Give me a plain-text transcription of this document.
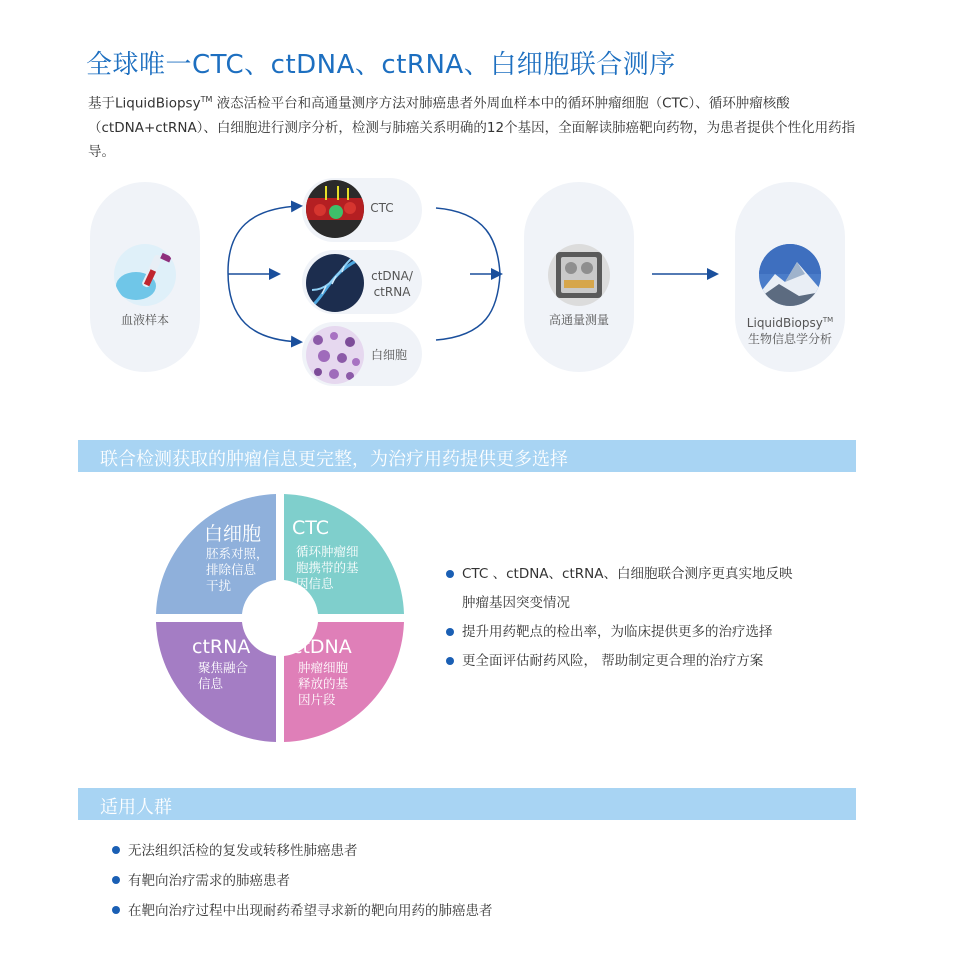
全球唯一CTC、ctDNA、ctRNA、白细胞联合测序
基于LiquidBiopsy™ 液态活检平台和高通量测序方法对肺癌患者外周血样本中的循环肿瘤细胞（CTC）、循环肿瘤核酸（ctDNA+ctRNA）、白细胞进行测序分析，检测与肺癌关系明确的12个基因，全面解读肺癌靶向药物，为患者提供个性化用药指导。
血液样本
CTC
ctDNA/
ctRNA
白细胞
高通量测量	LiquidBiopsy™
生物信息学分析
联合检测获取的肿瘤信息更完整，为治疗用药提供更多选择
白细胞
胚系对照，
排除信息
干扰
CTC
循环肿瘤细
胞携带的基
因信息
ctRNA
聚焦融合
信息
ctDNA
肿瘤细胞
释放的基
因片段
CTC 、ctDNA、ctRNA、白细胞联合测序更真实地反映
肿瘤基因突变情况
提升用药靶点的检出率，为临床提供更多的治疗选择
更全面评估耐药风险， 帮助制定更合理的治疗方案
适用人群
无法组织活检的复发或转移性肺癌患者
有靶向治疗需求的肺癌患者
在靶向治疗过程中出现耐药希望寻求新的靶向用药的肺癌患者
